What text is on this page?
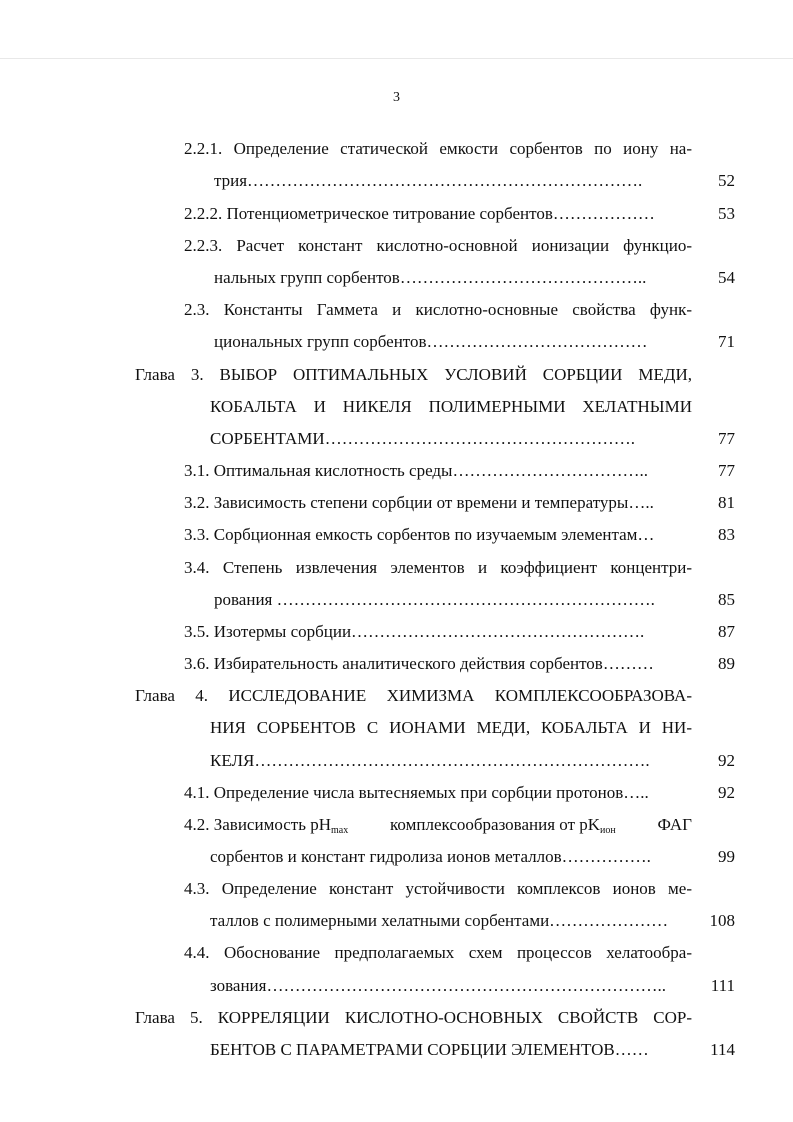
3
2.2.1. Определение статической емкости сорбентов по иону на-
трия…………………………………………………………….	52
2.2.2. Потенциометрическое титрование сорбентов………………	53
2.2.3. Расчет констант кислотно-основной ионизации функцио-
нальных групп сорбентов……………………………………..	54
2.3. Константы Гаммета и кислотно-основные свойства функ-
циональных групп сорбентов…………………………………	71
Глава 3. ВЫБОР ОПТИМАЛЬНЫХ УСЛОВИЙ СОРБЦИИ МЕДИ,
КОБАЛЬТА И НИКЕЛЯ ПОЛИМЕРНЫМИ ХЕЛАТНЫМИ
СОРБЕНТАМИ……………………………………………….	77
3.1. Оптимальная кислотность среды……………………………..	77
3.2. Зависимость степени сорбции от времени и температуры…..	81
3.3. Сорбционная емкость сорбентов по изучаемым элементам…	83
3.4. Степень извлечения элементов и коэффициент концентри-
рования ………………………………………………………….	85
3.5. Изотермы сорбции…………………………………………….	87
3.6. Избирательность аналитического действия сорбентов………	89
Глава 4. ИССЛЕДОВАНИЕ ХИМИЗМА КОМПЛЕКСООБРАЗОВА-
НИЯ СОРБЕНТОВ С ИОНАМИ МЕДИ, КОБАЛЬТА И НИ-
КЕЛЯ…………………………………………………………….	92
4.1. Определение числа вытесняемых при сорбции протонов…..	92
4.2. Зависимость $pH_{max}$ комплексообразования от $pK_{ион}$ ФАГ
сорбентов и констант гидролиза ионов металлов…………….	99
4.3. Определение констант устойчивости комплексов ионов ме-
таллов с полимерными хелатными сорбентами…………………	108
4.4. Обоснование предполагаемых схем процессов хелатообра-
зования……………………………………………………………..	111
Глава 5. КОРРЕЛЯЦИИ КИСЛОТНО-ОСНОВНЫХ СВОЙСТВ СОР-
БЕНТОВ С ПАРАМЕТРАМИ СОРБЦИИ ЭЛЕМЕНТОВ……	114
